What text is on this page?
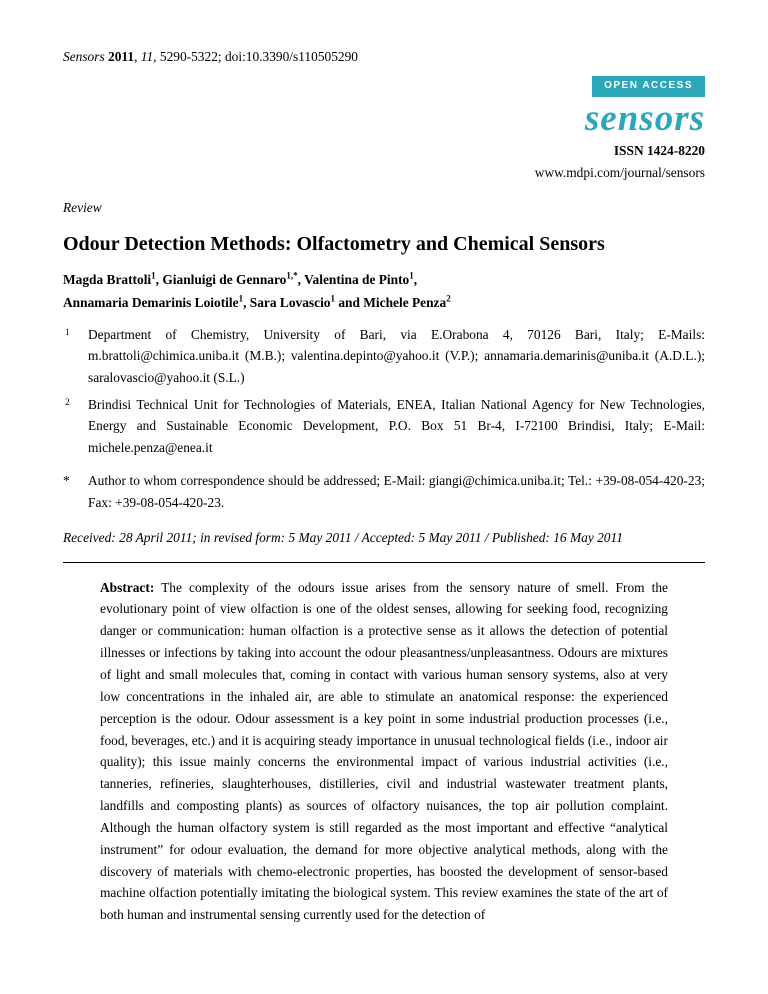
Sensors 2011, 11, 5290-5322; doi:10.3390/s110505290

OPEN ACCESS
sensors
ISSN 1424-8220
www.mdpi.com/journal/sensors

Review

Odour Detection Methods: Olfactometry and Chemical Sensors

Magda Brattoli$^1$, Gianluigi de Gennaro$^{1,*}$, Valentina de Pinto$^1$,
Annamaria Demarinis Loiotile$^1$, Sara Lovascio$^1$ and Michele Penza$^2$

1 Department of Chemistry, University of Bari, via E.Orabona 4, 70126 Bari, Italy; E-Mails: m.brattoli@chimica.uniba.it (M.B.); valentina.depinto@yahoo.it (V.P.); annamaria.demarinis@uniba.it (A.D.L.); saralovascio@yahoo.it (S.L.)
2 Brindisi Technical Unit for Technologies of Materials, ENEA, Italian National Agency for New Technologies, Energy and Sustainable Economic Development, P.O. Box 51 Br-4, I-72100 Brindisi, Italy; E-Mail: michele.penza@enea.it
* Author to whom correspondence should be addressed; E-Mail: giangi@chimica.uniba.it; Tel.: +39-08-054-420-23; Fax: +39-08-054-420-23.

Received: 28 April 2011; in revised form: 5 May 2011 / Accepted: 5 May 2011 / Published: 16 May 2011

Abstract: The complexity of the odours issue arises from the sensory nature of smell. From the evolutionary point of view olfaction is one of the oldest senses, allowing for seeking food, recognizing danger or communication: human olfaction is a protective sense as it allows the detection of potential illnesses or infections by taking into account the odour pleasantness/unpleasantness. Odours are mixtures of light and small molecules that, coming in contact with various human sensory systems, also at very low concentrations in the inhaled air, are able to stimulate an anatomical response: the experienced perception is the odour. Odour assessment is a key point in some industrial production processes (i.e., food, beverages, etc.) and it is acquiring steady importance in unusual technological fields (i.e., indoor air quality); this issue mainly concerns the environmental impact of various industrial activities (i.e., tanneries, refineries, slaughterhouses, distilleries, civil and industrial wastewater treatment plants, landfills and composting plants) as sources of olfactory nuisances, the top air pollution complaint. Although the human olfactory system is still regarded as the most important and effective “analytical instrument” for odour evaluation, the demand for more objective analytical methods, along with the discovery of materials with chemo-electronic properties, has boosted the development of sensor-based machine olfaction potentially imitating the biological system. This review examines the state of the art of both human and instrumental sensing currently used for the detection of
